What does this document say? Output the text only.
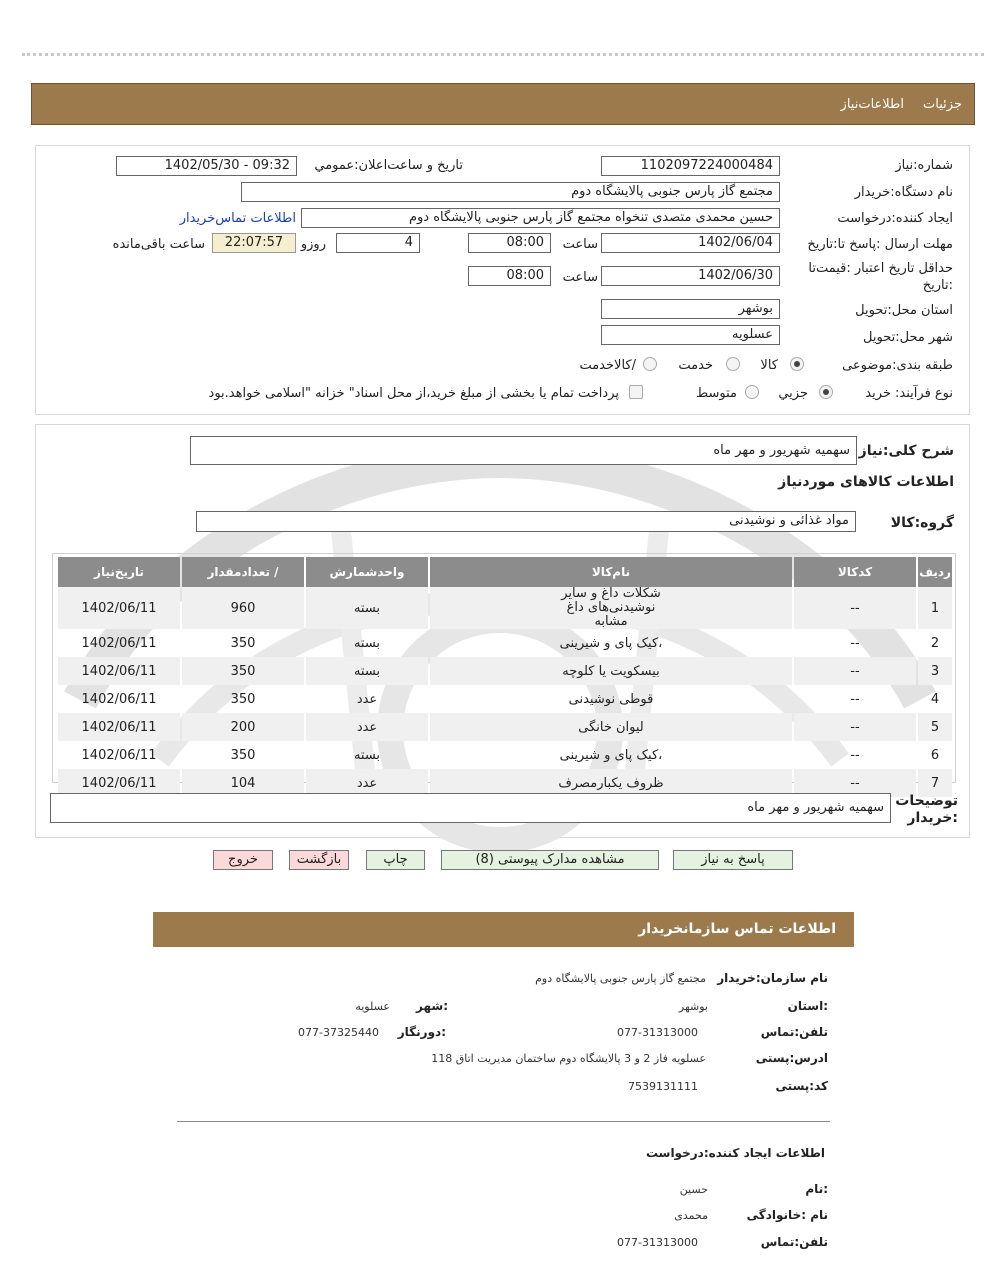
جزئیات
اطلاعات‌نیاز
شماره:نیاز
1102097224000484
تاریخ و ساعت‌اعلان:عمومي
1402/05/30 - 09:32
نام دستگاه:خریدار
مجتمع گاز پارس جنوبی پالایشگاه دوم
ایجاد کننده:درخواست
حسین محمدی متصدی تنخواه مجتمع گاز پارس جنوبی پالایشگاه دوم
اطلاعات تماس‌خریدار
مهلت ارسال :پاسخ تا:تاریخ
1402/06/04
ساعت
08:00
4
روزو
22:07:57
ساعت باقی‌مانده
حداقل تاریخ اعتبار :قیمت‌تا
:تاریخ
1402/06/30
ساعت
08:00
استان محل:تحویل
بوشهر
شهر محل:تحویل
عسلویه
طبقه بندی:موضوعی
کالا
خدمت
/کالاخدمت
نوع فرآیند: خرید
جزیي
متوسط
پرداخت تمام یا بخشی از مبلغ خرید،از محل اسناد" خزانه "اسلامی خواهد.بود
شرح کلی:نیاز
سهمیه شهریور و مهر ماه
اطلاعات کالاهای موردنیاز
گروه:کالا
مواد غذائی و نوشیدنی
ردیف	کدکالا	نام‌کالا	واحدشمارش	/ تعدادمقدار	تاریخ‌نیاز
1	--	شکلات داغ و سایر نوشیدنی‌های داغ مشابه	بسته	960	1402/06/11
2	--	،کیک پای و شیرینی	بسته	350	1402/06/11
3	--	بیسکویت یا کلوچه	بسته	350	1402/06/11
4	--	قوطی نوشیدنی	عدد	350	1402/06/11
5	--	لیوان خانگی	عدد	200	1402/06/11
6	--	،کیک پای و شیرینی	بسته	350	1402/06/11
7	--	ظروف یکبارمصرف	عدد	104	1402/06/11
توضیحات
:خریدار
سهمیه شهریور و مهر ماه
پاسخ به نیاز
مشاهده مدارک پیوستی (8)
چاپ
بازگشت
خروج
اطلاعات تماس سازمانخریدار
نام سازمان:خریدار
مجتمع گاز پارس جنوبی پالایشگاه دوم
:استان
بوشهر
:شهر
عسلویه
تلفن:تماس
077-31313000
:دورنگار
077-37325440
ادرس:پستی
عسلویه فاز 2 و 3 پالایشگاه دوم ساختمان مدیریت اتاق 118
کد:پستی
7539131111
اطلاعات ایجاد کننده:درخواست
:نام
حسین
نام :خانوادگی
محمدی
تلفن:تماس
077-31313000
